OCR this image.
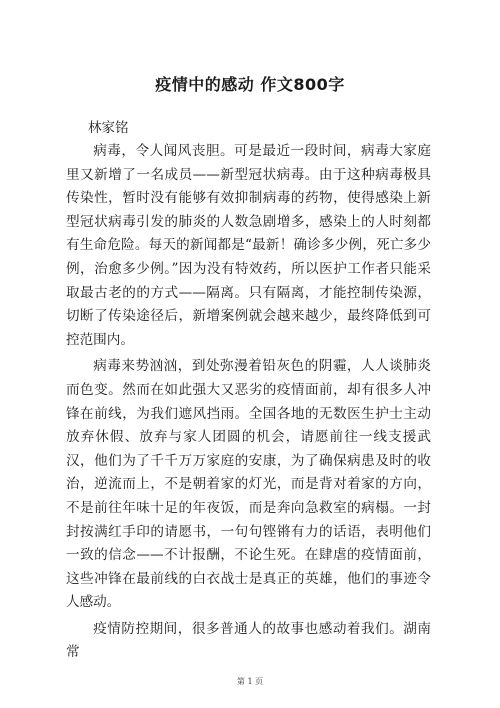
疫情中的感动 作文800字

林家铭

病毒，令人闻风丧胆。可是最近一段时间，病毒大家庭里又新增了一名成员——新型冠状病毒。由于这种病毒极具传染性，暂时没有能够有效抑制病毒的药物，使得感染上新型冠状病毒引发的肺炎的人数急剧增多，感染上的人时刻都有生命危险。每天的新闻都是“最新！确诊多少例，死亡多少例，治愈多少例。”因为没有特效药，所以医护工作者只能采取最古老的的方式——隔离。只有隔离，才能控制传染源，切断了传染途径后，新增案例就会越来越少，最终降低到可控范围内。

病毒来势汹汹，到处弥漫着铅灰色的阴霾，人人谈肺炎而色变。然而在如此强大又恶劣的疫情面前，却有很多人冲锋在前线，为我们遮风挡雨。全国各地的无数医生护士主动放弃休假、放弃与家人团圆的机会，请愿前往一线支援武汉，他们为了千千万万家庭的安康，为了确保病患及时的收治，逆流而上，不是朝着家的灯光，而是背对着家的方向，不是前往年味十足的年夜饭，而是奔向急救室的病榻。一封封按满红手印的请愿书，一句句铿锵有力的话语，表明他们一致的信念——不计报酬，不论生死。在肆虐的疫情面前，这些冲锋在最前线的白衣战士是真正的英雄，他们的事迹令人感动。

疫情防控期间，很多普通人的故事也感动着我们。湖南常

第 1 页
